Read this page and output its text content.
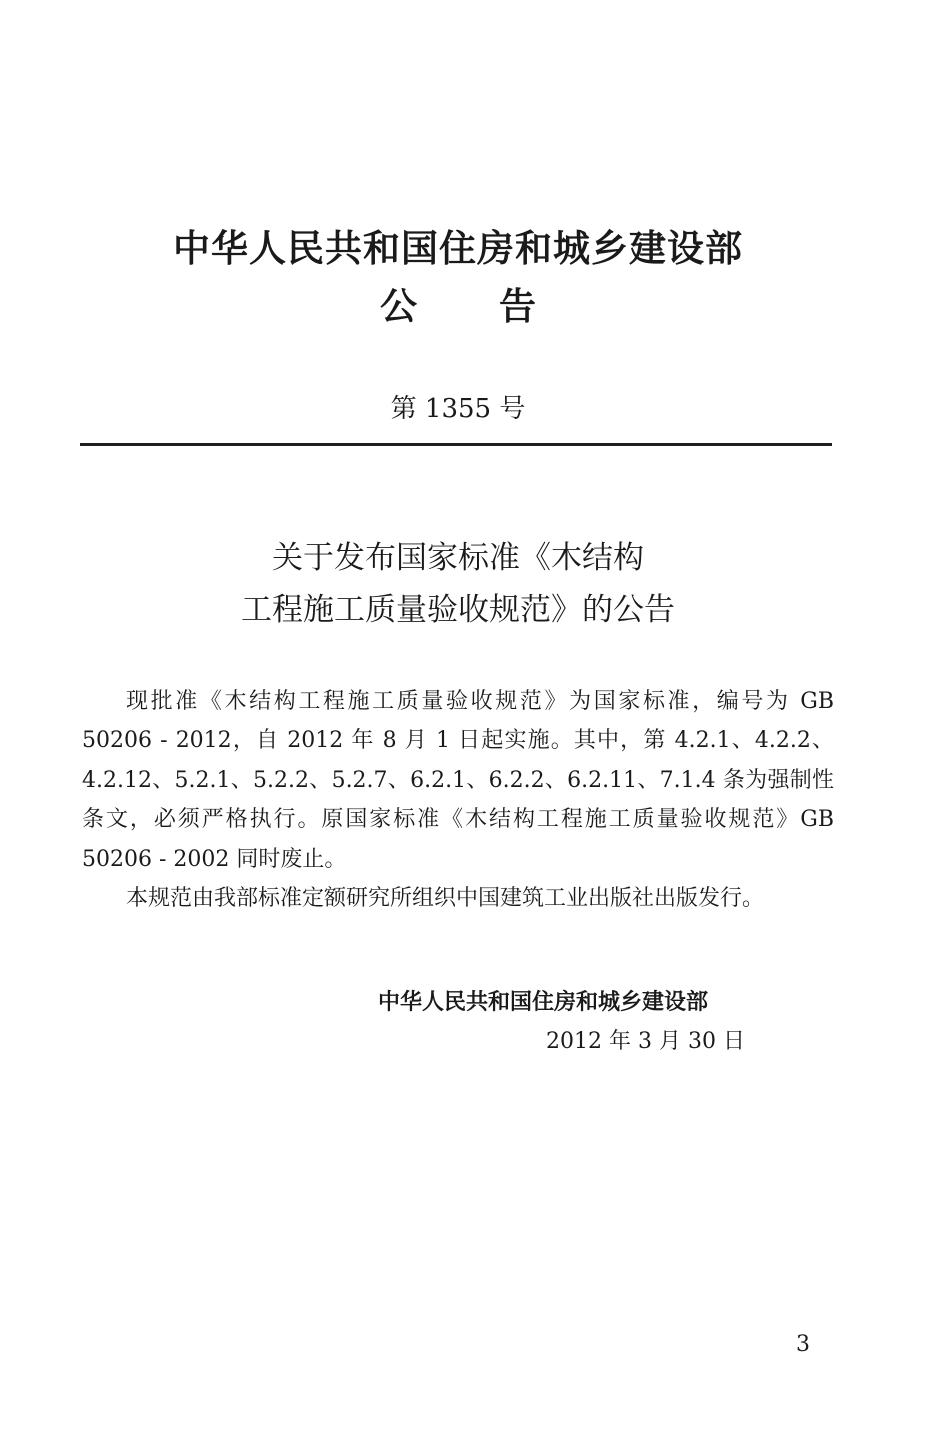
中华人民共和国住房和城乡建设部
公告
第 1355 号
关于发布国家标准《木结构
工程施工质量验收规范》的公告

现批准《木结构工程施工质量验收规范》为国家标准，编号为 GB 50206 - 2012，自 2012 年 8 月 1 日起实施。其中，第 4.2.1、4.2.2、4.2.12、5.2.1、5.2.2、5.2.7、6.2.1、6.2.2、6.2.11、7.1.4 条为强制性条文，必须严格执行。原国家标准《木结构工程施工质量验收规范》GB 50206 - 2002 同时废止。

本规范由我部标准定额研究所组织中国建筑工业出版社出版发行。

中华人民共和国住房和城乡建设部
2012 年 3 月 30 日
3
